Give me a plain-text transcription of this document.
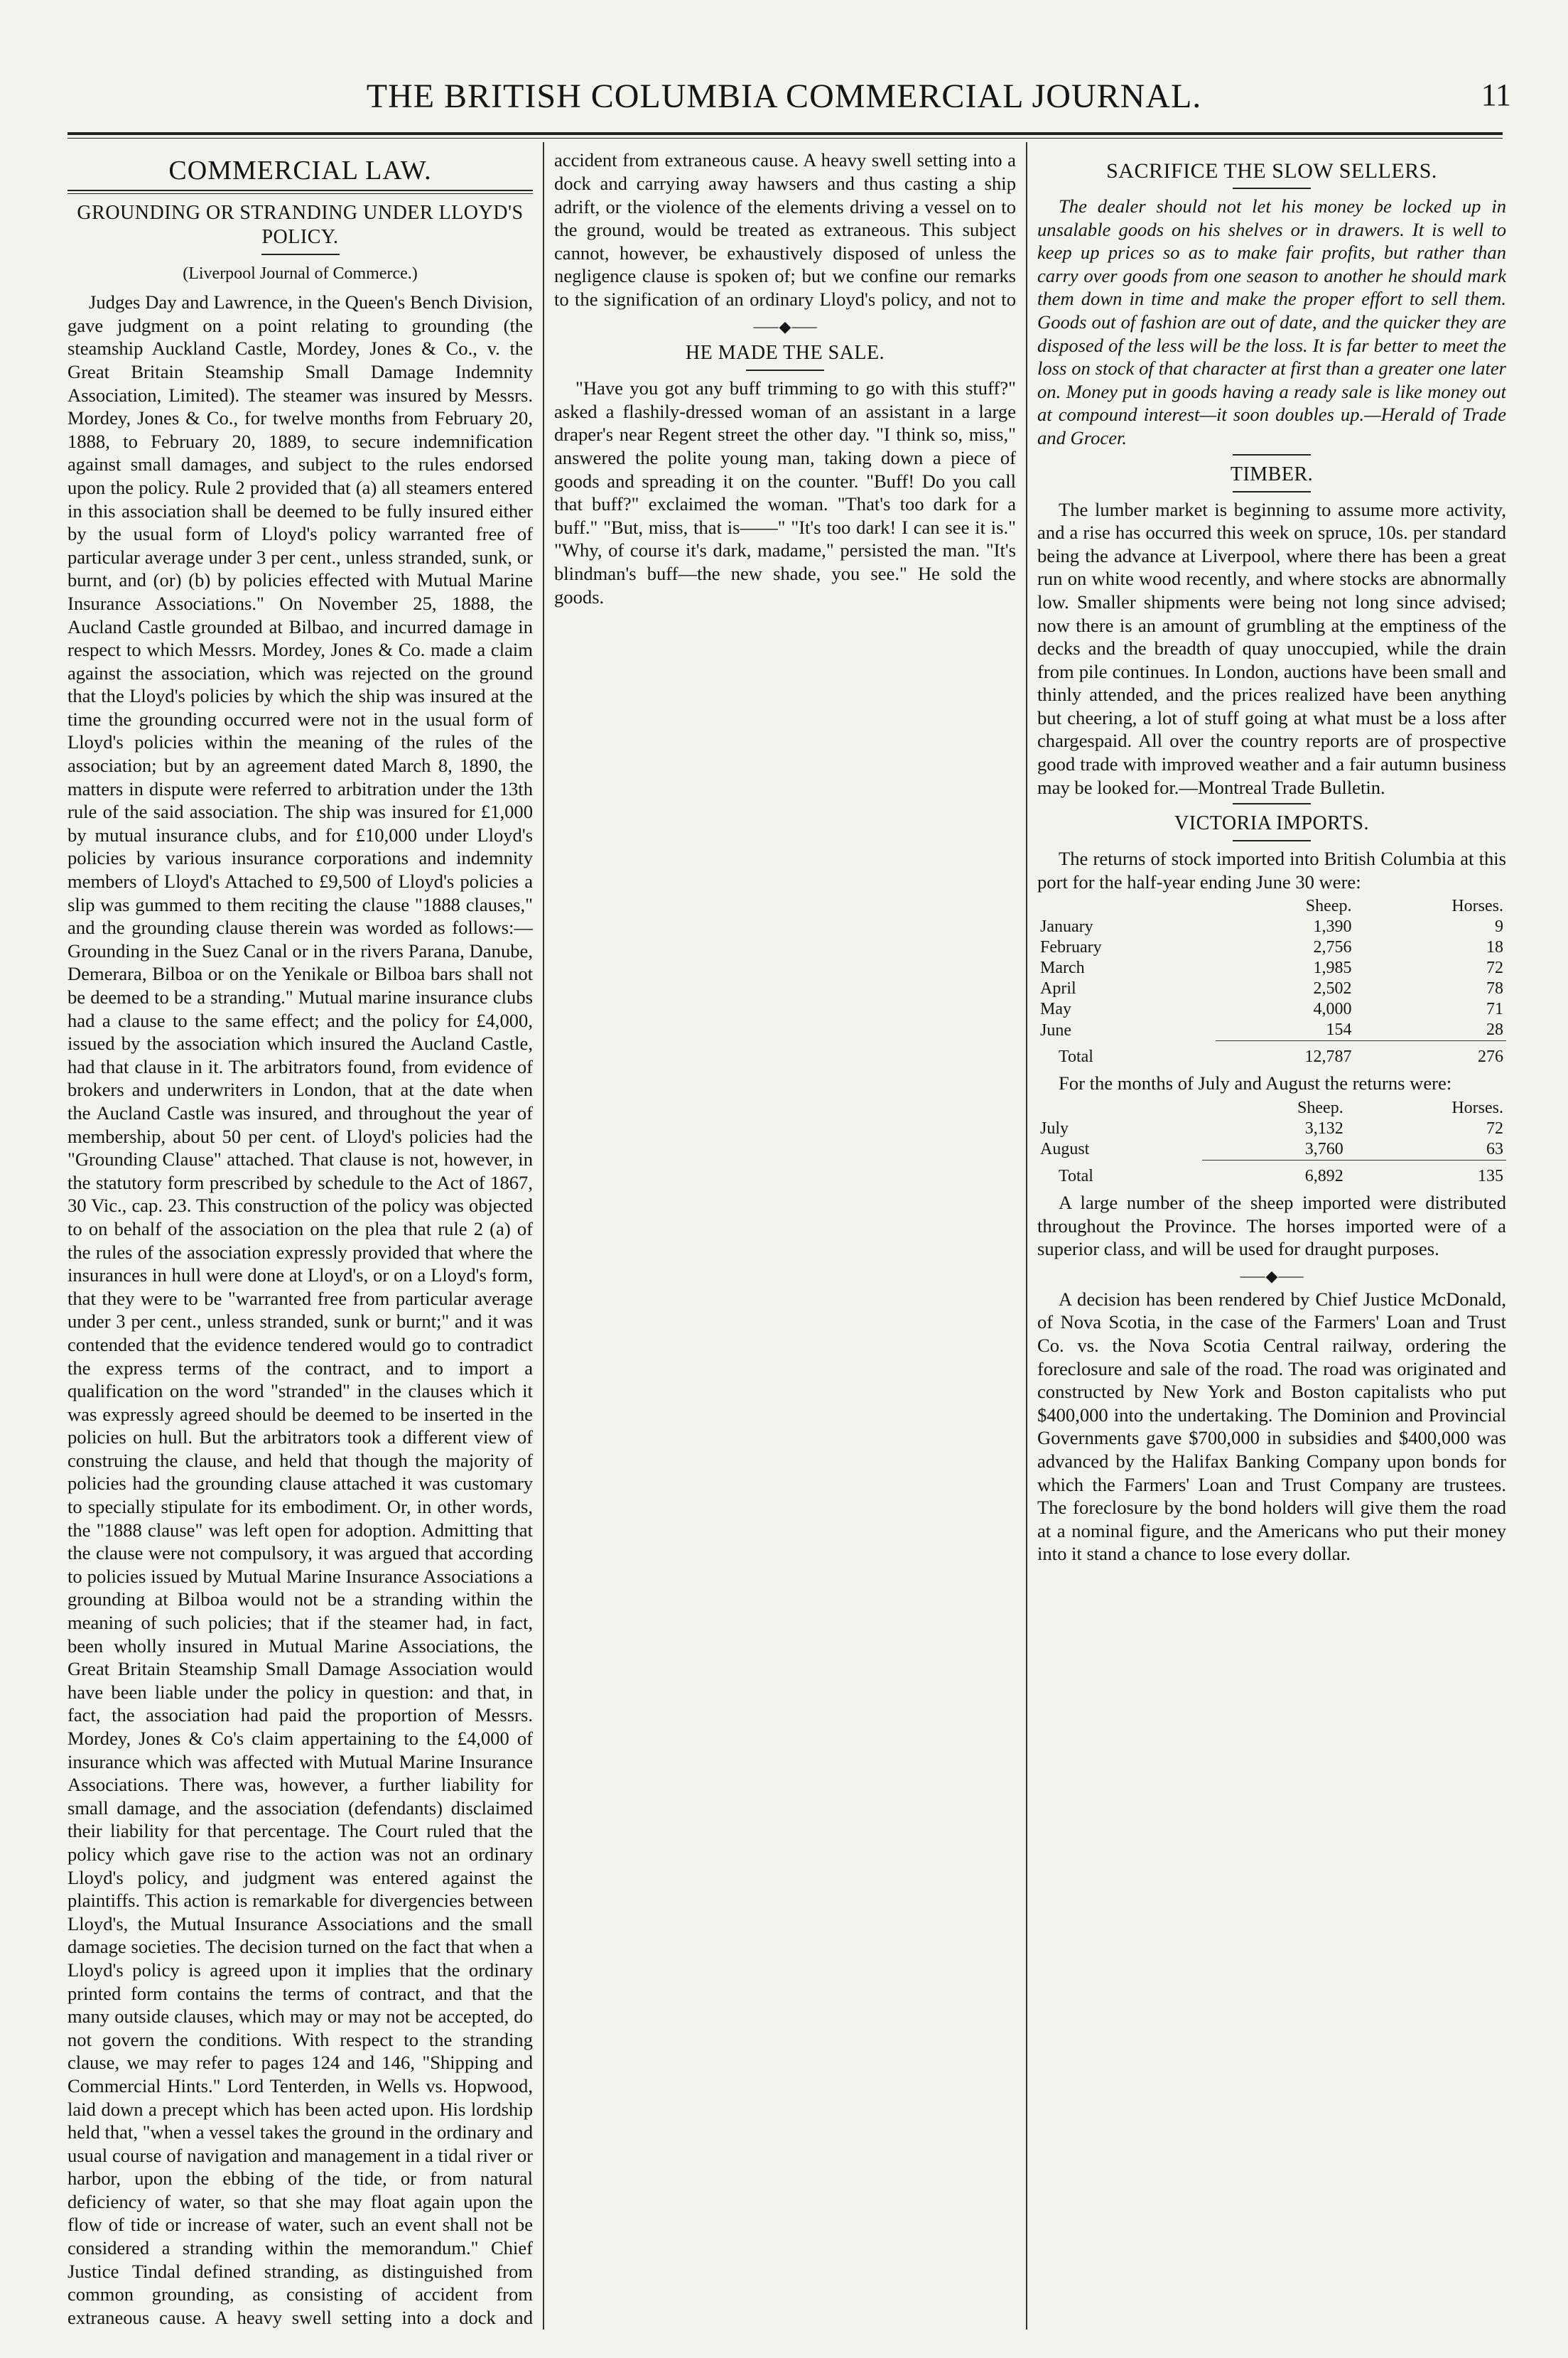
THE BRITISH COLUMBIA COMMERCIAL JOURNAL.	11
COMMERCIAL LAW.
GROUNDING OR STRANDING UNDER LLOYD'S POLICY.
(Liverpool Journal of Commerce.)

Judges Day and Lawrence, in the Queen's Bench Division, gave judgment on a point relating to grounding (the steamship Auckland Castle, Mordey, Jones & Co., v. the Great Britain Steamship Small Damage Indemnity Association, Limited). The steamer was insured by Messrs. Mordey, Jones & Co., for twelve months from February 20, 1888, to February 20, 1889, to secure indemnification against small damages, and subject to the rules endorsed upon the policy. Rule 2 provided that (a) all steamers entered in this association shall be deemed to be fully insured either by the usual form of Lloyd's policy warranted free of particular average under 3 per cent., unless stranded, sunk, or burnt, and (or) (b) by policies effected with Mutual Marine Insurance Associations." On November 25, 1888, the Aucland Castle grounded at Bilbao, and incurred damage in respect to which Messrs. Mordey, Jones & Co. made a claim against the association, which was rejected on the ground that the Lloyd's policies by which the ship was insured at the time the grounding occurred were not in the usual form of Lloyd's policies within the meaning of the rules of the association; but by an agreement dated March 8, 1890, the matters in dispute were referred to arbitration under the 13th rule of the said association. The ship was insured for £1,000 by mutual insurance clubs, and for £10,000 under Lloyd's policies by various insurance corporations and indemnity members of Lloyd's Attached to £9,500 of Lloyd's policies a slip was gummed to them reciting the clause "1888 clauses," and the grounding clause therein was worded as follows:—Grounding in the Suez Canal or in the rivers Parana, Danube, Demerara, Bilboa or on the Yenikale or Bilboa bars shall not be deemed to be a stranding." Mutual marine insurance clubs had a clause to the same effect; and the policy for £4,000, issued by the association which insured the Aucland Castle, had that clause in it. The arbitrators found, from evidence of brokers and underwriters in London, that at the date when the Aucland Castle was insured, and throughout the year of membership, about 50 per cent. of Lloyd's policies had the "Grounding Clause" attached. That clause is not, however, in the statutory form prescribed by schedule to the Act of 1867, 30 Vic., cap. 23. This construction of the policy was objected to on behalf of the association on the plea that rule 2 (a) of the rules of the association expressly provided that where the insurances in hull were done at Lloyd's, or on a Lloyd's form, that they were to be "warranted free from particular average under 3 per cent., unless stranded, sunk or burnt;" and it was contended that the evidence tendered would go to contradict the express terms of the contract, and to import a qualification on the word "stranded" in the clauses which it was expressly agreed should be deemed to be inserted in the policies on hull. But the arbitrators took a different view of construing the clause, and held that though the majority of policies had the grounding clause attached it was customary to specially stipulate for its embodiment. Or, in other words, the "1888 clause" was left open for adoption. Admitting that the clause were not compulsory, it was argued that according to policies issued by Mutual Marine Insurance Associations a grounding at Bilboa would not be a stranding within the meaning of such policies; that if the steamer had, in fact, been wholly insured in Mutual Marine Associations, the Great Britain Steamship Small Damage Association would have been liable under the policy in question: and that, in fact, the association had paid the proportion of Messrs. Mordey, Jones & Co's claim appertaining to the £4,000 of insurance which was affected with Mutual Marine Insurance Associations. There was, however, a further liability for small damage, and the association (defendants) disclaimed their liability for that percentage. The Court ruled that the policy which gave rise to the action was not an ordinary Lloyd's policy, and judgment was entered against the plaintiffs. This action is remarkable for divergencies between Lloyd's, the Mutual Insurance Associations and the small damage societies. The decision turned on the fact that when a Lloyd's policy is agreed upon it implies that the ordinary printed form contains the terms of contract, and that the many outside clauses, which may or may not be accepted, do not govern the conditions. With respect to the stranding clause, we may refer to pages 124 and 146, "Shipping and Commercial Hints." Lord Tenterden, in Wells vs. Hopwood, laid down a precept which has been acted upon. His lordship held that, "when a vessel takes the ground in the ordinary and usual course of navigation and management in a tidal river or harbor, upon the ebbing of the tide, or from natural deficiency of water, so that she may float again upon the flow of tide or increase of water, such an event shall not be considered a stranding within the memorandum." Chief Justice Tindal defined stranding, as distinguished from common grounding, as consisting of accident from extraneous cause. A heavy swell setting into a dock and

accident from extraneous cause. A heavy swell setting into a dock and carrying away hawsers and thus casting a ship adrift, or the violence of the elements driving a vessel on to the ground, would be treated as extraneous. This subject cannot, however, be exhaustively disposed of unless the negligence clause is spoken of; but we confine our remarks to the signification of an ordinary Lloyd's policy, and not to

⸺◆⸺
HE MADE THE SALE.

"Have you got any buff trimming to go with this stuff?" asked a flashily-dressed woman of an assistant in a large draper's near Regent street the other day. "I think so, miss," answered the polite young man, taking down a piece of goods and spreading it on the counter. "Buff! Do you call that buff?" exclaimed the woman. "That's too dark for a buff." "But, miss, that is——" "It's too dark! I can see it is." "Why, of course it's dark, madame," persisted the man. "It's blindman's buff—the new shade, you see." He sold the goods.

SACRIFICE THE SLOW SELLERS.

The dealer should not let his money be locked up in unsalable goods on his shelves or in drawers. It is well to keep up prices so as to make fair profits, but rather than carry over goods from one season to another he should mark them down in time and make the proper effort to sell them. Goods out of fashion are out of date, and the quicker they are disposed of the less will be the loss. It is far better to meet the loss on stock of that character at first than a greater one later on. Money put in goods having a ready sale is like money out at compound interest—it soon doubles up.—Herald of Trade and Grocer.

TIMBER.

The lumber market is beginning to assume more activity, and a rise has occurred this week on spruce, 10s. per standard being the advance at Liverpool, where there has been a great run on white wood recently, and where stocks are abnormally low. Smaller shipments were being not long since advised; now there is an amount of grumbling at the emptiness of the decks and the breadth of quay unoccupied, while the drain from pile continues. In London, auctions have been small and thinly attended, and the prices realized have been anything but cheering, a lot of stuff going at what must be a loss after chargespaid. All over the country reports are of prospective good trade with improved weather and a fair autumn business may be looked for.—Montreal Trade Bulletin.

VICTORIA IMPORTS.

The returns of stock imported into British Columbia at this port for the half-year ending June 30 were:

	Sheep.	Horses.
January	1,390	9
February	2,756	18
March	1,985	72
April	2,502	78
May	4,000	71
June	154	28
Total	12,787	276

For the months of July and August the returns were:

	Sheep.	Horses.
July	3,132	72
August	3,760	63
Total	6,892	135

A large number of the sheep imported were distributed throughout the Province. The horses imported were of a superior class, and will be used for draught purposes.

⸺◆⸺

A decision has been rendered by Chief Justice McDonald, of Nova Scotia, in the case of the Farmers' Loan and Trust Co. vs. the Nova Scotia Central railway, ordering the foreclosure and sale of the road. The road was originated and constructed by New York and Boston capitalists who put $400,000 into the undertaking. The Dominion and Provincial Governments gave $700,000 in subsidies and $400,000 was advanced by the Halifax Banking Company upon bonds for which the Farmers' Loan and Trust Company are trustees. The foreclosure by the bond holders will give them the road at a nominal figure, and the Americans who put their money into it stand a chance to lose every dollar.
